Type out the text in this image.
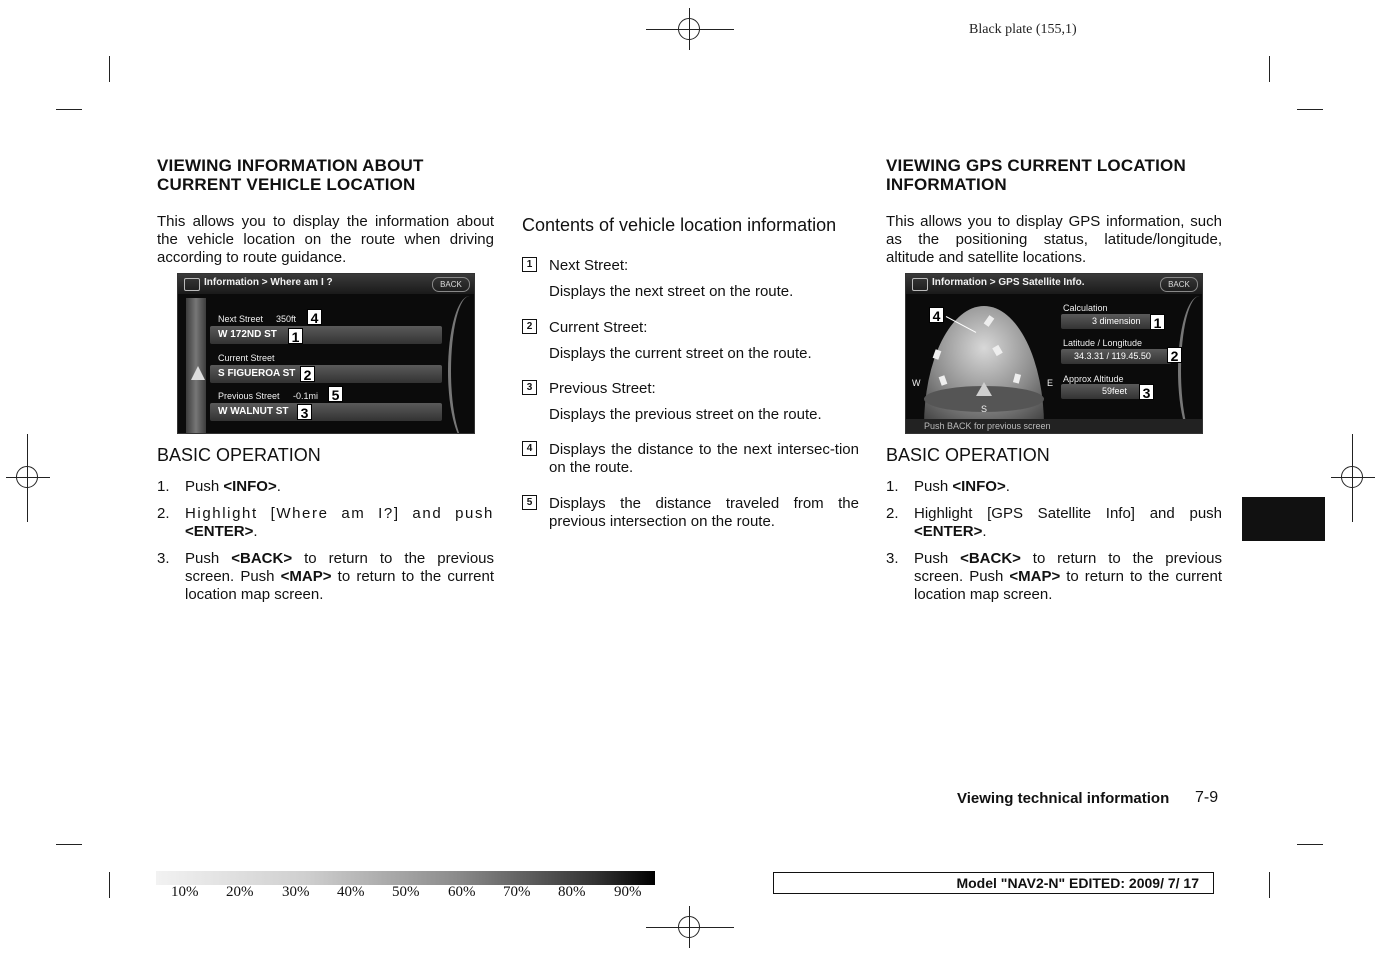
Black plate (155,1)
VIEWING INFORMATION ABOUT CURRENT VEHICLE LOCATION
This allows you to display the information about the vehicle location on the route when driving according to route guidance.
Information > Where am I ?	BACK
Next Street 350ft
W 172ND ST
Current Street
S FIGUEROA ST
Previous Street -0.1mi
W WALNUT ST
4
1
2
5
3
BASIC OPERATION
1. Push <INFO>.
2. Highlight [Where am I?] and push <ENTER>.
3. Push <BACK> to return to the previous screen. Push <MAP> to return to the current location map screen.
Contents of vehicle location information
1	Next Street:
Displays the next street on the route.
2	Current Street:
Displays the current street on the route.
3	Previous Street:
Displays the previous street on the route.
4	Displays the distance to the next intersec-tion on the route.
5	Displays the distance traveled from the previous intersection on the route.
VIEWING GPS CURRENT LOCATION INFORMATION
This allows you to display GPS information, such as the positioning status, latitude/longitude, altitude and satellite locations.
Information > GPS Satellite Info.	BACK
W	E
S
Calculation
3 dimension
Latitude / Longitude
34.3.31 / 119.45.50
Approx Altitude
59feet
Push BACK for previous screen
4	1
2
3
BASIC OPERATION
1. Push <INFO>.
2. Highlight [GPS Satellite Info] and push <ENTER>.
3. Push <BACK> to return to the previous screen. Push <MAP> to return to the current location map screen.
Viewing technical information 7-9
10% 20% 30% 40% 50% 60% 70% 80% 90%
Model "NAV2-N" EDITED: 2009/ 7/ 17
